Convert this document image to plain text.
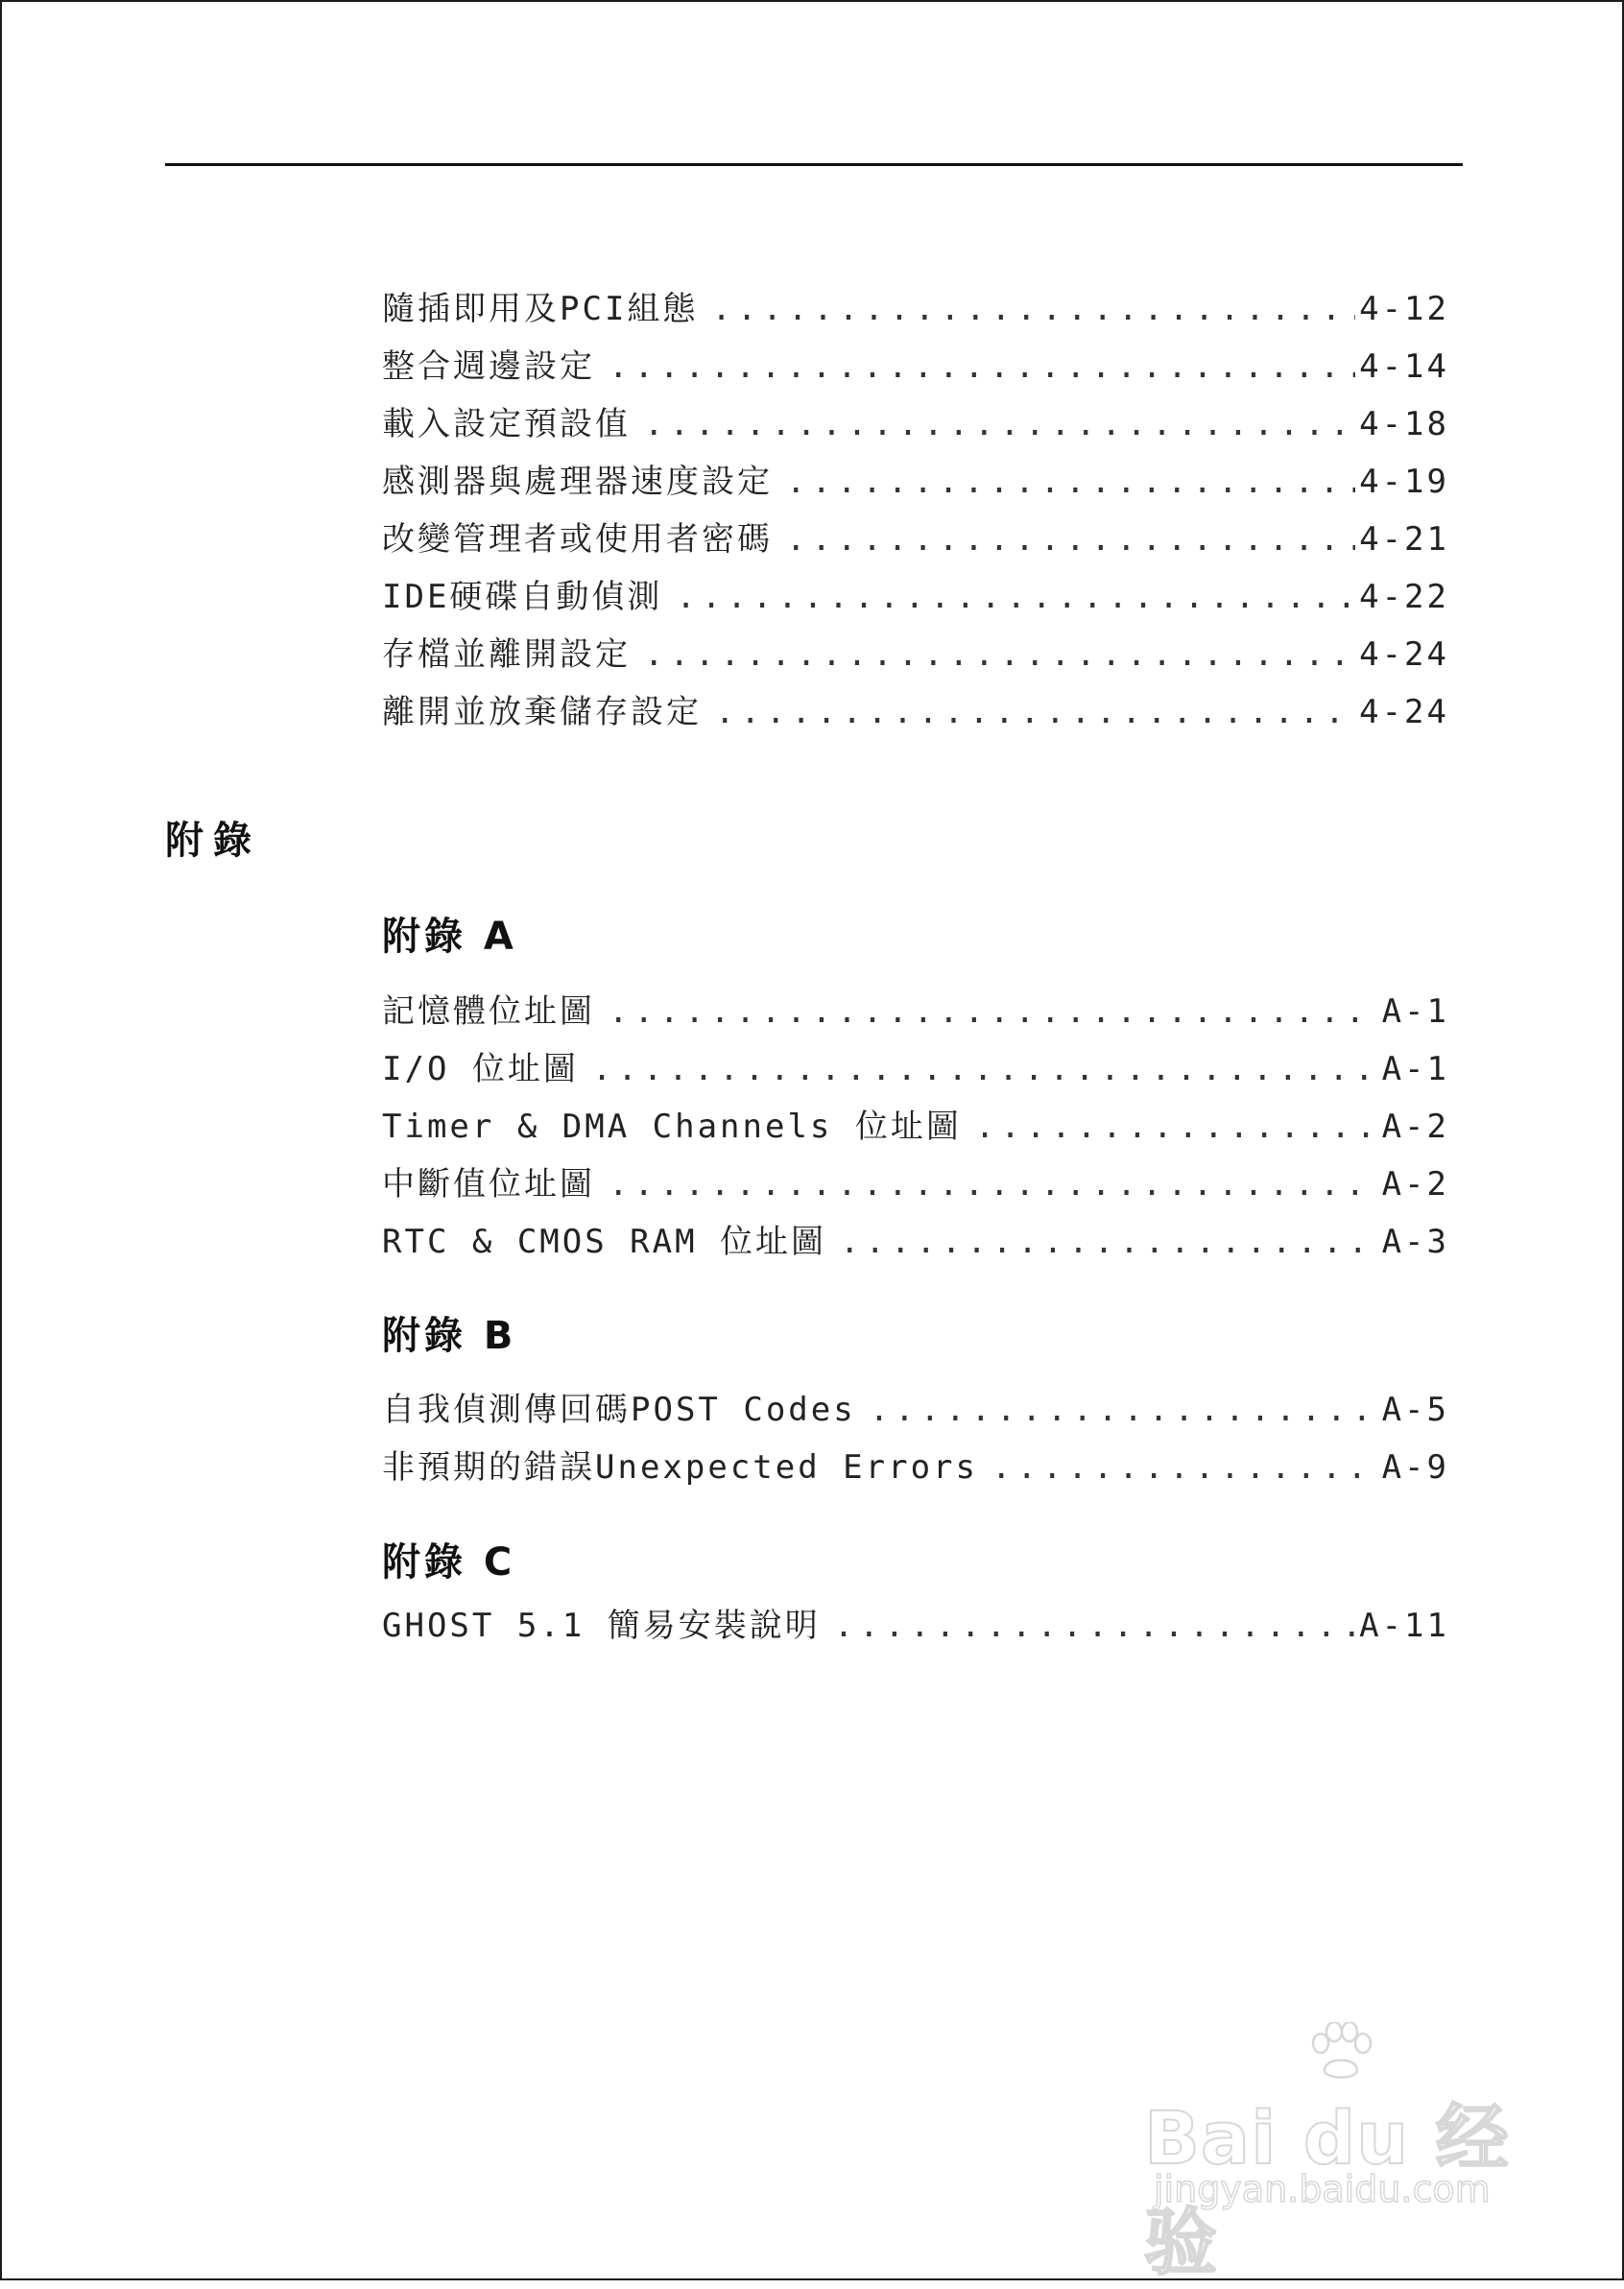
隨插即用及PCI組態 .....	4-12
整合週邊設定 .....	4-14
載入設定預設值 .....	4-18
感測器與處理器速度設定 .....	4-19
改變管理者或使用者密碼 .....	4-21
IDE硬碟自動偵測 .....	4-22
存檔並離開設定 .....	4-24
離開並放棄儲存設定 .....	4-24
附錄
附錄 A
記憶體位址圖 .....	A-1
I/O 位址圖 .....	A-1
Timer & DMA Channels 位址圖 .....	A-2
中斷值位址圖 .....	A-2
RTC & CMOS RAM 位址圖 .....	A-3
附錄 B
自我偵測傳回碼POST Codes .....	A-5
非預期的錯誤Unexpected Errors .....	A-9
附錄 C
GHOST 5.1 簡易安裝說明 .....	A-11
Bai du 经验
jingyan.baidu.com
